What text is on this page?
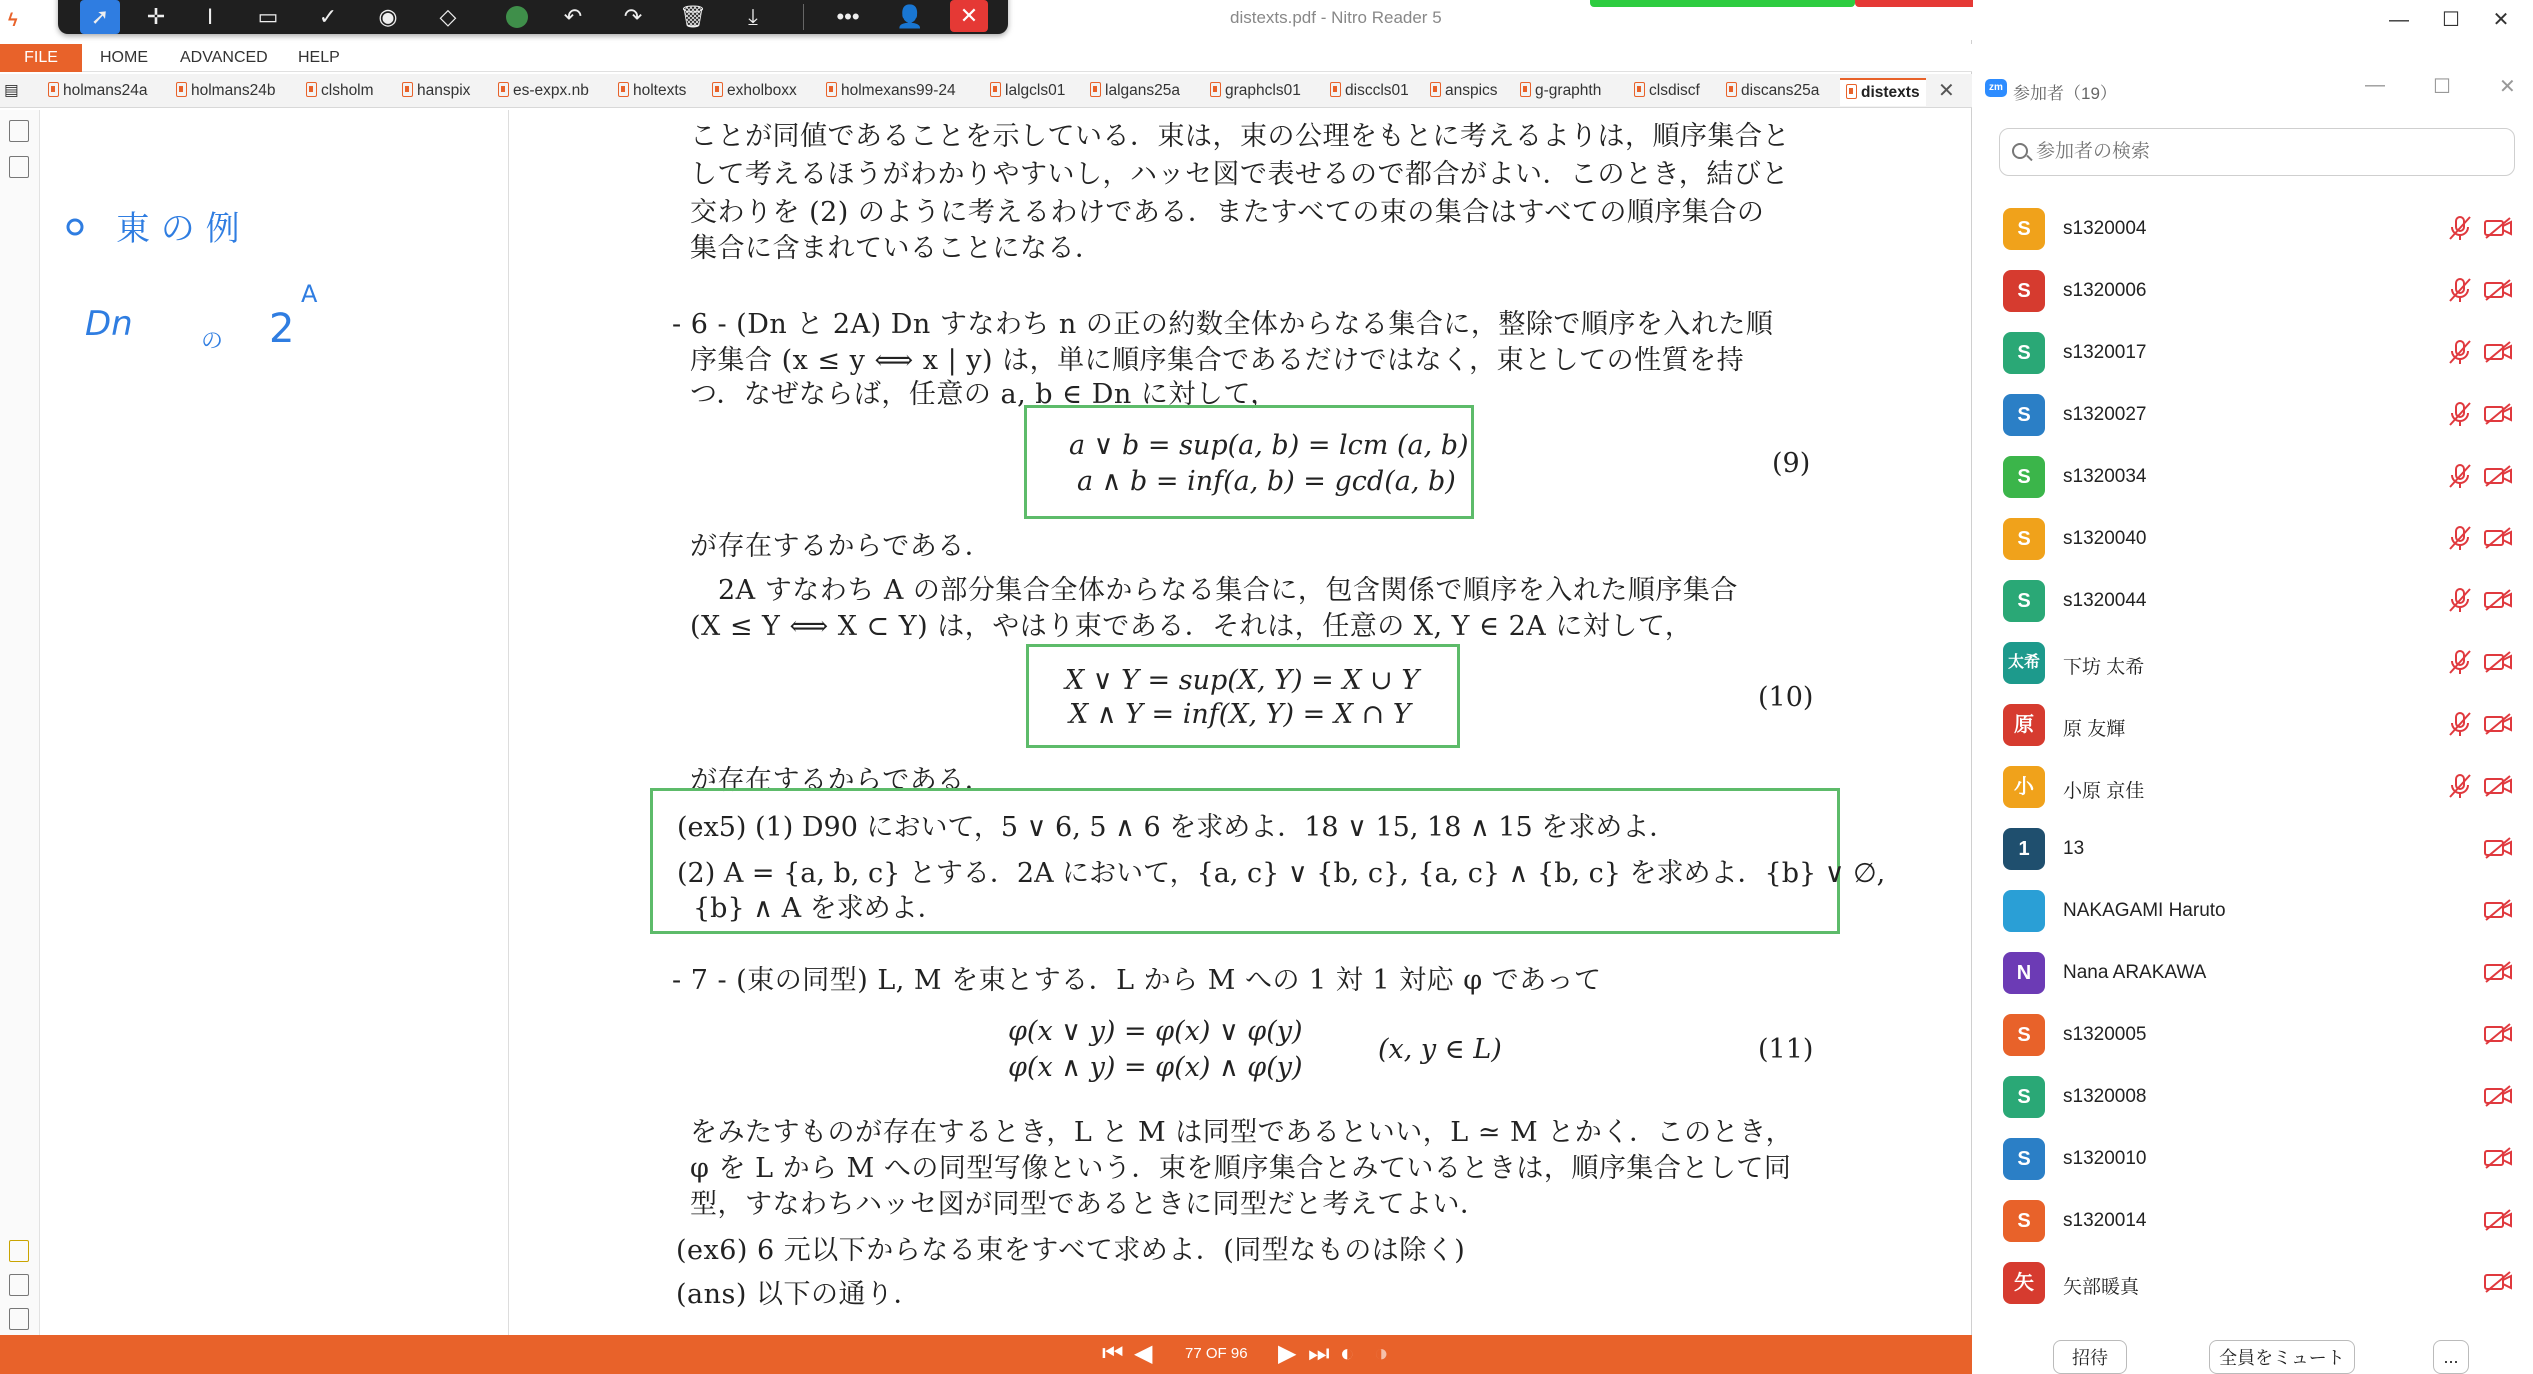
ϟ	distexts.pdf - Nitro Reader 5
➚	✛	I	▭	✓	◉	◇	↶	↷	🗑	⤓	•••	👤	✕
FILE	HOME ADVANCED HELP
▤	holmans24a	holmans24b	clsholm	hanspix	es-expx.nb	holtexts	exholboxx	holmexans99-24	lalgcls01	lalgans25a	graphcls01	disccls01	anspics	g-graphth	clsdiscf	discans25a	distexts ✕
東 の 例
Dn	の 2
A
ことが同値であることを示している．束は，束の公理をもとに考えるよりは，順序集合と
して考えるほうがわかりやすいし，ハッセ図で表せるので都合がよい．このとき，結びと
交わりを (2) のように考えるわけである．またすべての束の集合はすべての順序集合の
集合に含まれていることになる．
- 6 - (Dn と 2A) Dn すなわち n の正の約数全体からなる集合に，整除で順序を入れた順
序集合 (x ≤ y ⟺ x | y) は，単に順序集合であるだけではなく，束としての性質を持
つ．なぜならば，任意の a, b ∈ Dn に対して，
a ∨ b = sup(a, b) = lcm (a, b)
a ∧ b = inf(a, b) = gcd(a, b)
(9)
が存在するからである．
2A すなわち A の部分集合全体からなる集合に，包含関係で順序を入れた順序集合
(X ≤ Y ⟺ X ⊂ Y) は，やはり束である．それは，任意の X, Y ∈ 2A に対して，
X ∨ Y = sup(X, Y) = X ∪ Y
X ∧ Y = inf(X, Y) = X ∩ Y
(10)
が存在するからである．
(ex5) (1) D90 において，5 ∨ 6, 5 ∧ 6 を求めよ．18 ∨ 15, 18 ∧ 15 を求めよ．
(2) A = {a, b, c} とする．2A において，{a, c} ∨ {b, c}, {a, c} ∧ {b, c} を求めよ．{b} ∨ ∅,
{b} ∧ A を求めよ．
- 7 - (束の同型) L, M を束とする．L から M への 1 対 1 対応 φ であって
φ(x ∨ y) = φ(x) ∨ φ(y)
φ(x ∧ y) = φ(x) ∧ φ(y)
(x, y ∈ L)	(11)
をみたすものが存在するとき，L と M は同型であるといい，L ≃ M とかく．このとき，
φ を L から M への同型写像という．束を順序集合とみているときは，順序集合として同
型，すなわちハッセ図が同型であるときに同型だと考えてよい．
(ex6) 6 元以下からなる束をすべて求めよ．(同型なものは除く)
(ans) 以下の通り．
⏮ ◀ 77 OF 96 ▶ ⏭ ◐ ◑
—	☐	✕
zm 参加者（19）	— ☐ ✕
参加者の検索
S	s1320004
S	s1320006
S	s1320017
S	s1320027
S	s1320034
S	s1320040
S	s1320044
太希 下坊 太希
原	原 友輝
小	小原 京佳
1	13
NAKAGAMI Haruto
N	Nana ARAKAWA
S	s1320005
S	s1320008
S	s1320010
S	s1320014
矢	矢部暖真
招待	全員をミュート	...
